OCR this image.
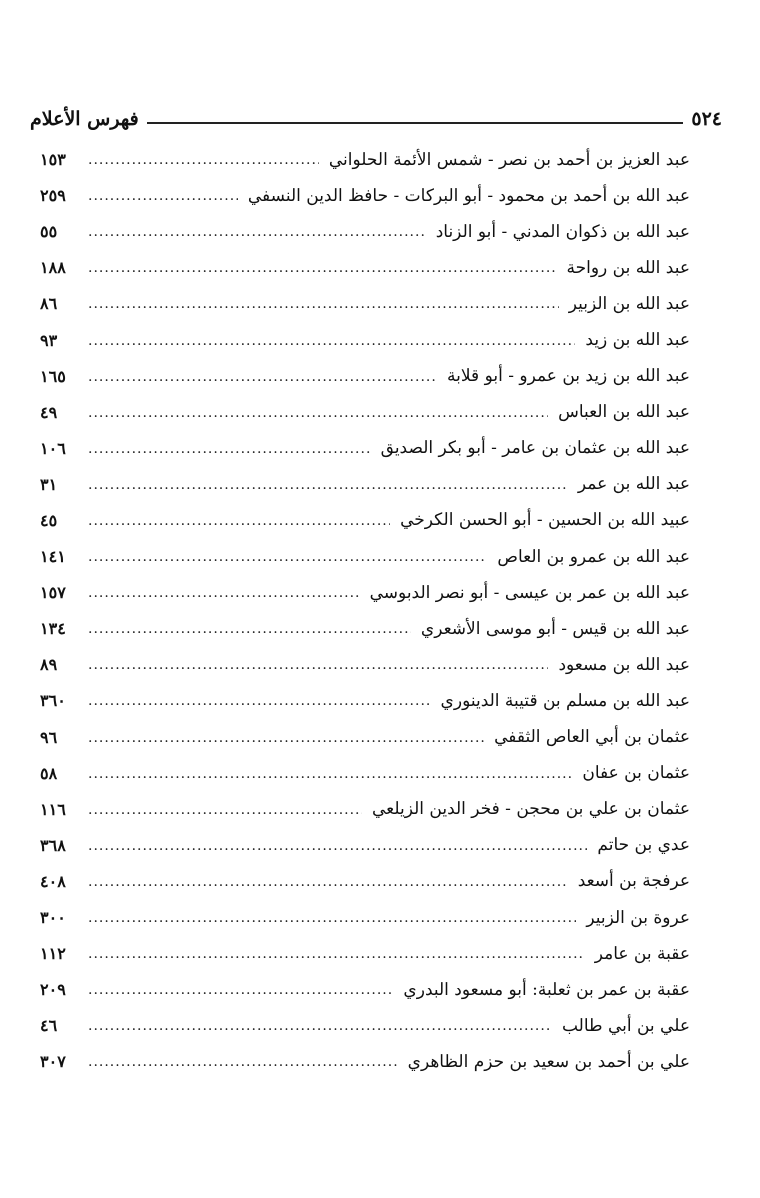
٥٢٤
فهرس الأعلام
عبد العزيز بن أحمد بن نصر - شمس الأئمة الحلواني
.....
١٥٣
عبد الله بن أحمد بن محمود - أبو البركات - حافظ الدين النسفي
.....
٢٥٩
عبد الله بن ذكوان المدني - أبو الزناد
.....
٥٥
عبد الله بن رواحة
.....
١٨٨
عبد الله بن الزبير
.....
٨٦
عبد الله بن زيد
.....
٩٣
عبد الله بن زيد بن عمرو - أبو قلابة
.....
١٦٥
عبد الله بن العباس
.....
٤٩
عبد الله بن عثمان بن عامر - أبو بكر الصديق
.....
١٠٦
عبد الله بن عمر
.....
٣١
عبيد الله بن الحسين - أبو الحسن الكرخي
.....
٤٥
عبد الله بن عمرو بن العاص
.....
١٤١
عبد الله بن عمر بن عيسى - أبو نصر الدبوسي
.....
١٥٧
عبد الله بن قيس - أبو موسى الأشعري
.....
١٣٤
عبد الله بن مسعود
.....
٨٩
عبد الله بن مسلم بن قتيبة الدينوري
.....
٣٦٠
عثمان بن أبي العاص الثقفي
.....
٩٦
عثمان بن عفان
.....
٥٨
عثمان بن علي بن محجن - فخر الدين الزيلعي
.....
١١٦
عدي بن حاتم
.....
٣٦٨
عرفجة بن أسعد
.....
٤٠٨
عروة بن الزبير
.....
٣٠٠
عقبة بن عامر
.....
١١٢
عقبة بن عمر بن ثعلبة: أبو مسعود البدري
.....
٢٠٩
علي بن أبي طالب
.....
٤٦
علي بن أحمد بن سعيد بن حزم الظاهري
.....
٣٠٧
